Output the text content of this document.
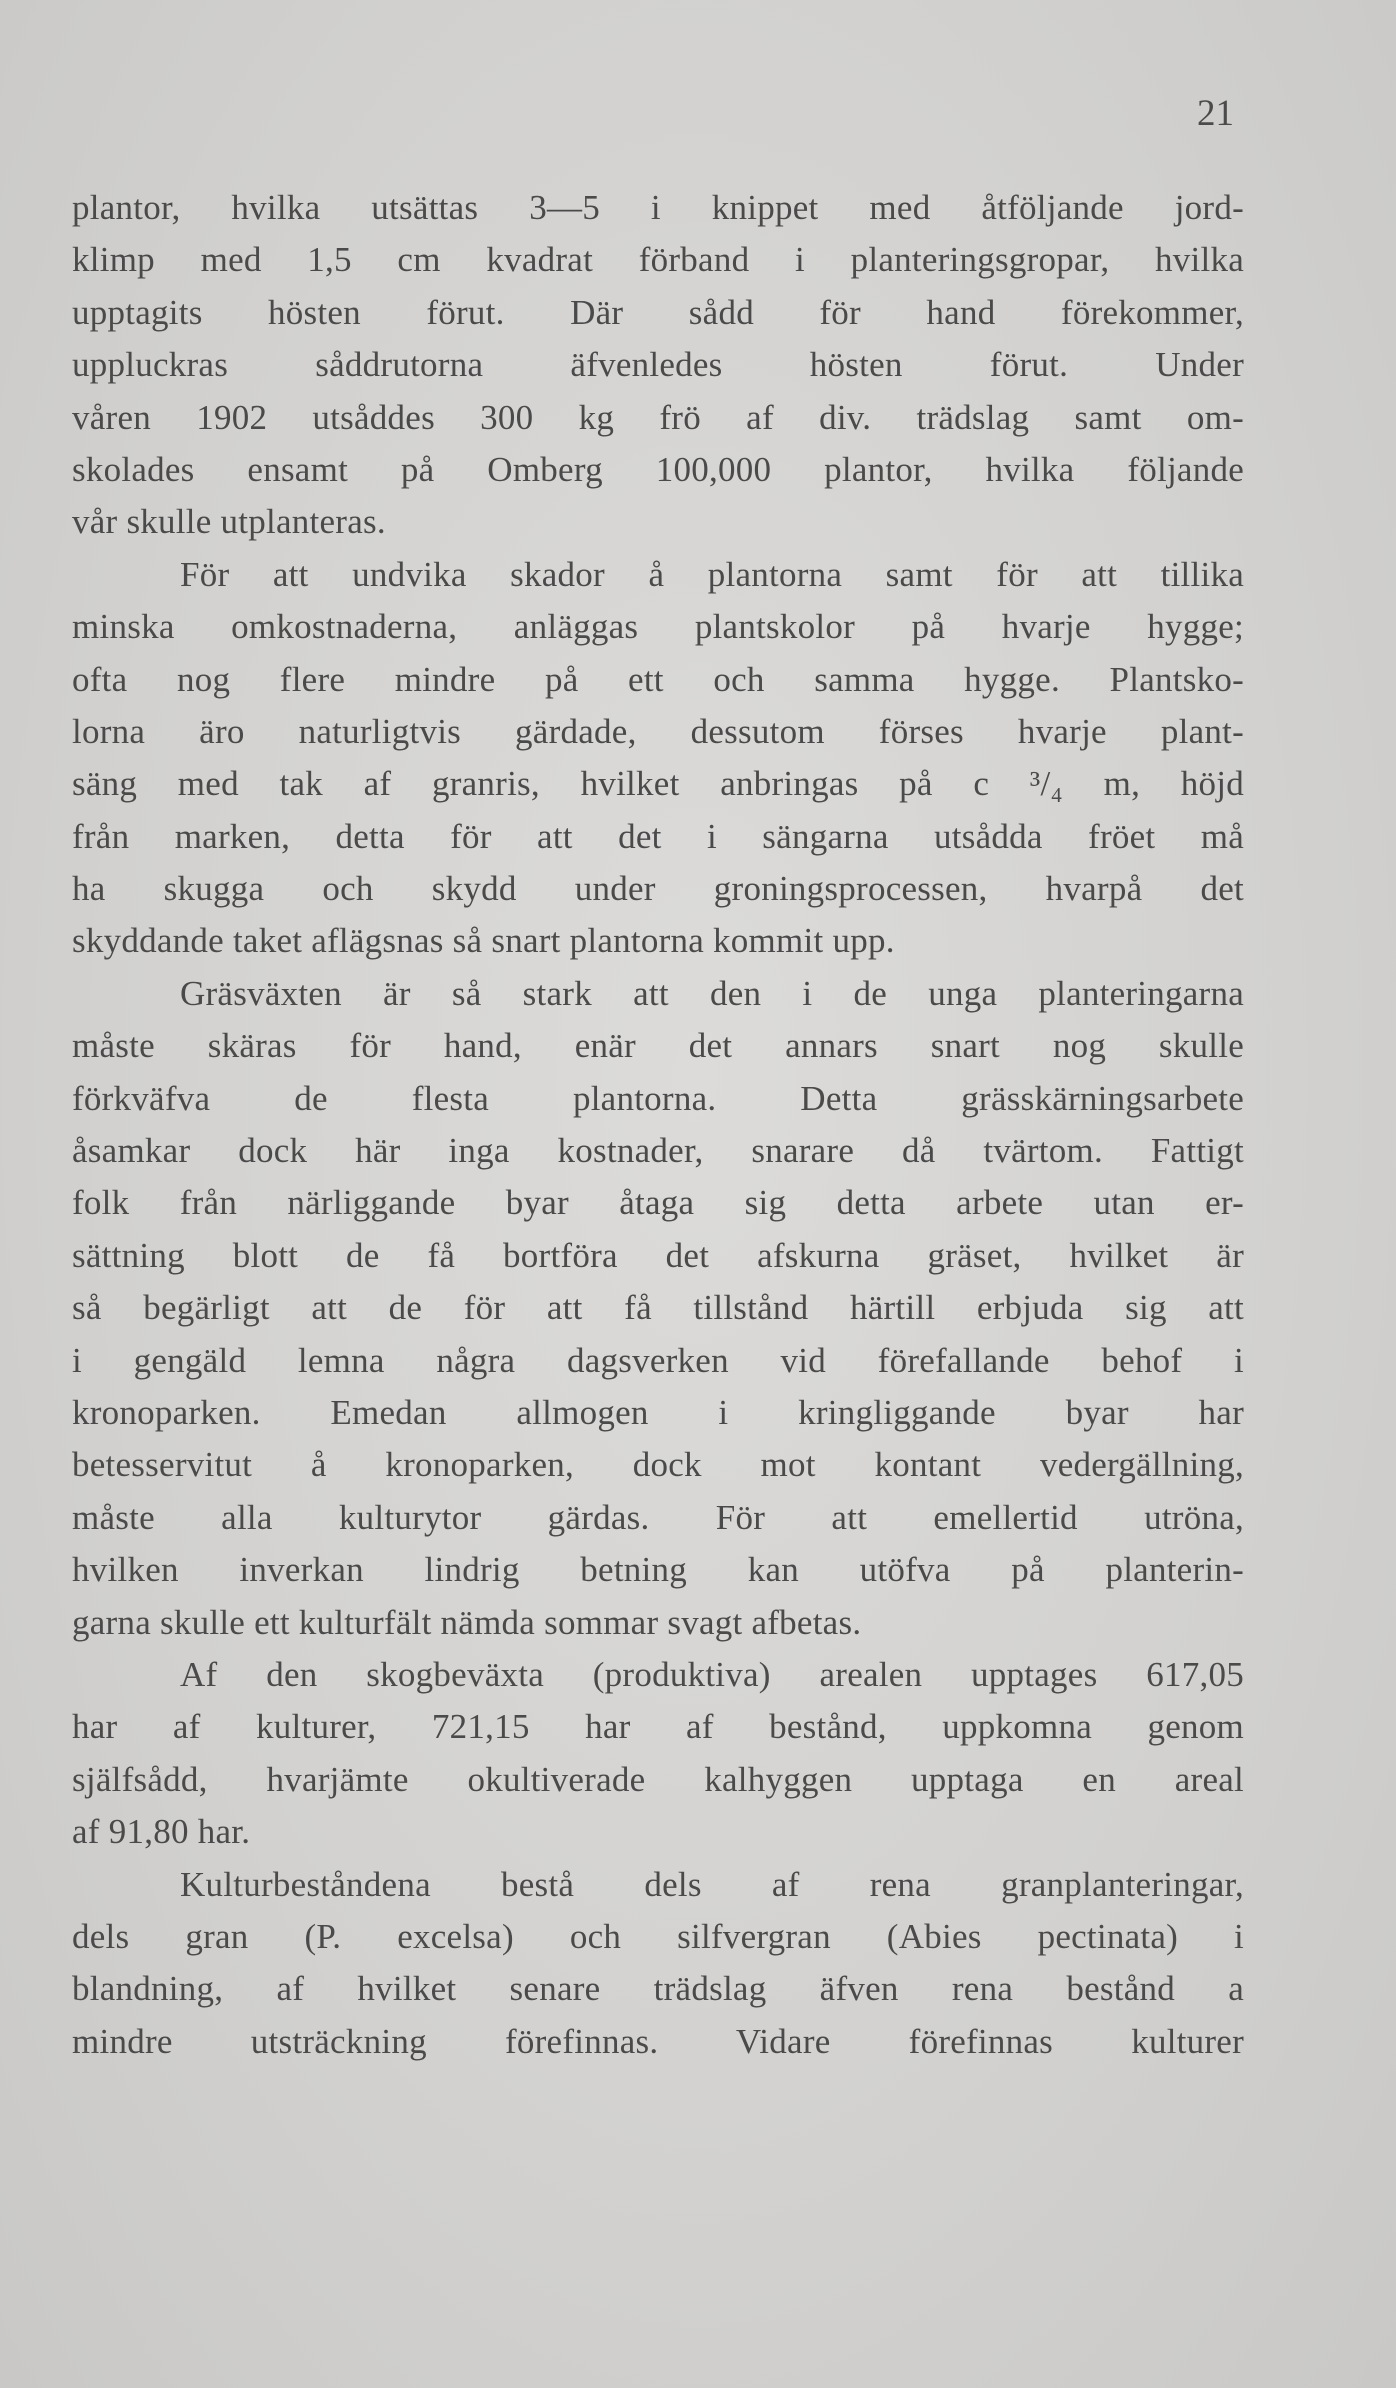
21
plantor, hvilka utsättas 3—5 i knippet med åtföljande jord-
klimp med 1,5 cm kvadrat förband i planteringsgropar, hvilka
upptagits hösten förut. Där sådd för hand förekommer,
uppluckras såddrutorna äfvenledes hösten förut. Under
våren 1902 utsåddes 300 kg frö af div. trädslag samt om-
skolades ensamt på Omberg 100,000 plantor, hvilka följande
vår skulle utplanteras.
För att undvika skador å plantorna samt för att tillika
minska omkostnaderna, anläggas plantskolor på hvarje hygge;
ofta nog flere mindre på ett och samma hygge. Plantsko-
lorna äro naturligtvis gärdade, dessutom förses hvarje plant-
säng med tak af granris, hvilket anbringas på c ³/₄ m, höjd
från marken, detta för att det i sängarna utsådda fröet må
ha skugga och skydd under groningsprocessen, hvarpå det
skyddande taket aflägsnas så snart plantorna kommit upp.
Gräsväxten är så stark att den i de unga planteringarna
måste skäras för hand, enär det annars snart nog skulle
förkväfva de flesta plantorna. Detta grässkärningsarbete
åsamkar dock här inga kostnader, snarare då tvärtom. Fattigt
folk från närliggande byar åtaga sig detta arbete utan er-
sättning blott de få bortföra det afskurna gräset, hvilket är
så begärligt att de för att få tillstånd härtill erbjuda sig att
i gengäld lemna några dagsverken vid förefallande behof i
kronoparken. Emedan allmogen i kringliggande byar har
betesservitut å kronoparken, dock mot kontant vedergällning,
måste alla kulturytor gärdas. För att emellertid utröna,
hvilken inverkan lindrig betning kan utöfva på planterin-
garna skulle ett kulturfält nämda sommar svagt afbetas.
Af den skogbeväxta (produktiva) arealen upptages 617,05
har af kulturer, 721,15 har af bestånd, uppkomna genom
själfsådd, hvarjämte okultiverade kalhyggen upptaga en areal
af 91,80 har.
Kulturbeståndena bestå dels af rena granplanteringar,
dels gran (P. excelsa) och silfvergran (Abies pectinata) i
blandning, af hvilket senare trädslag äfven rena bestånd a
mindre utsträckning förefinnas. Vidare förefinnas kulturer
